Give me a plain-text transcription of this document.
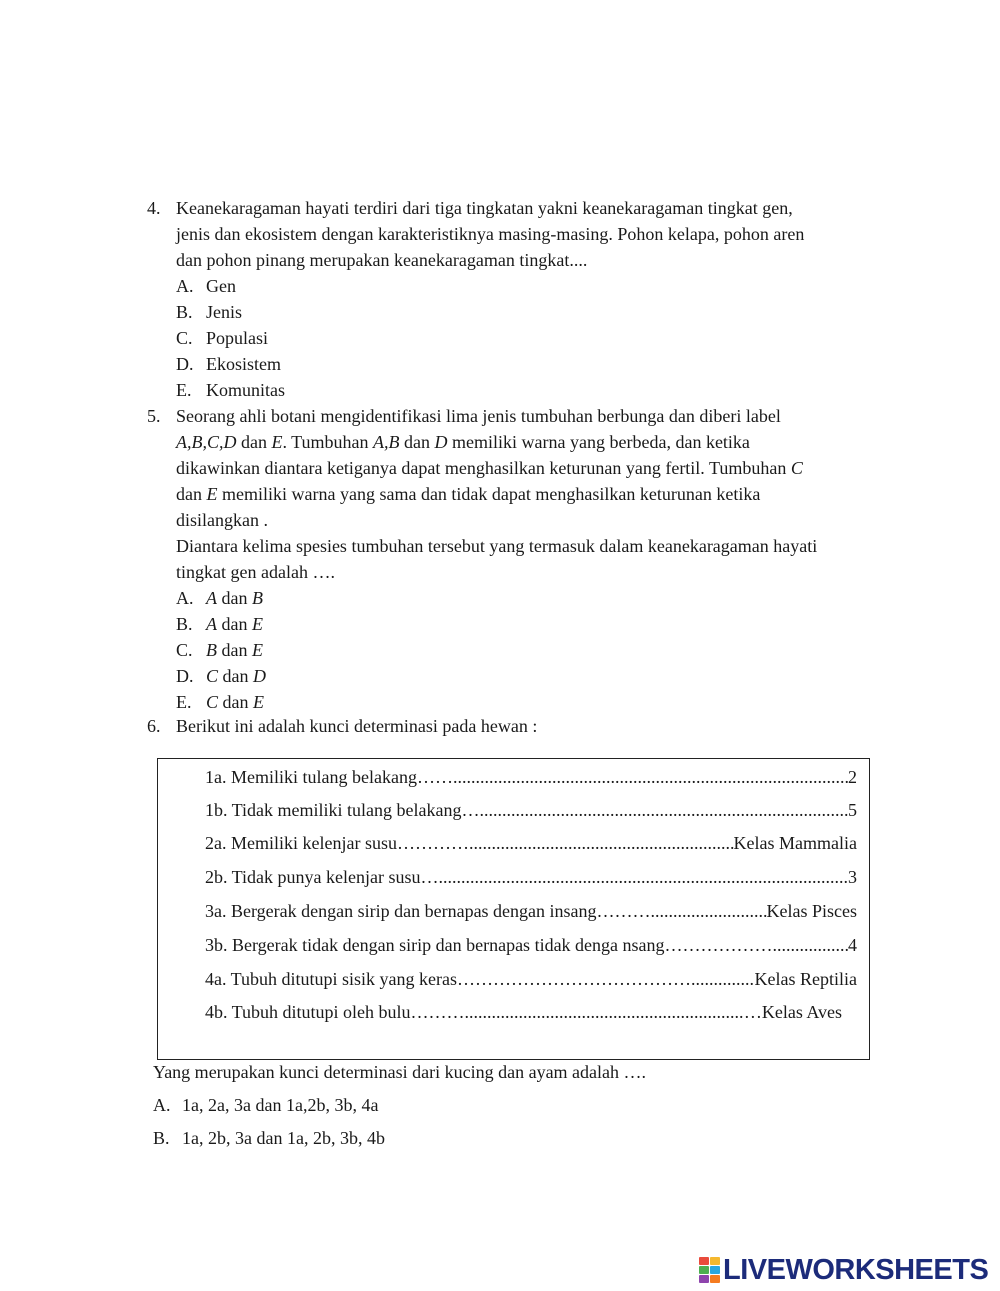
4. Keanekaragaman hayati terdiri dari tiga tingkatan yakni keanekaragaman tingkat gen,
jenis dan ekosistem dengan karakteristiknya masing-masing. Pohon kelapa, pohon aren
dan pohon pinang merupakan keanekaragaman tingkat....
A. Gen
B. Jenis
C. Populasi
D. Ekosistem
E. Komunitas
5. Seorang ahli botani mengidentifikasi lima jenis tumbuhan berbunga dan diberi label
A,B,C,D dan E. Tumbuhan A,B dan D memiliki warna yang berbeda, dan ketika
dikawinkan diantara ketiganya dapat menghasilkan keturunan yang fertil. Tumbuhan C
dan E memiliki warna yang sama dan tidak dapat menghasilkan keturunan ketika
disilangkan .
Diantara kelima spesies tumbuhan tersebut yang termasuk dalam keanekaragaman hayati
tingkat gen adalah ….
A. A dan B
B. A dan E
C. B dan E
D. C dan D
E. C dan E
6. Berikut ini adalah kunci determinasi pada hewan :
1a. Memiliki tulang belakang…… .....	2
1b. Tidak memiliki tulang belakang… .....	5
2a. Memiliki kelenjar susu………… .....	Kelas Mammalia
2b. Tidak punya kelenjar susu… .....	3
3a. Bergerak dengan sirip dan bernapas dengan insang……… .....	Kelas Pisces
3b. Bergerak tidak dengan sirip dan bernapas tidak denga nsang……………… .....	4
4a. Tubuh ditutupi sisik yang keras………………………………… .....	Kelas Reptilia
4b. Tubuh ditutupi oleh bulu……… .....	…Kelas Aves
Yang merupakan kunci determinasi dari kucing dan ayam adalah ….
A. 1a, 2a, 3a dan 1a,2b, 3b, 4a
B. 1a, 2b, 3a dan 1a, 2b, 3b, 4b
LIVEWORKSHEETS
